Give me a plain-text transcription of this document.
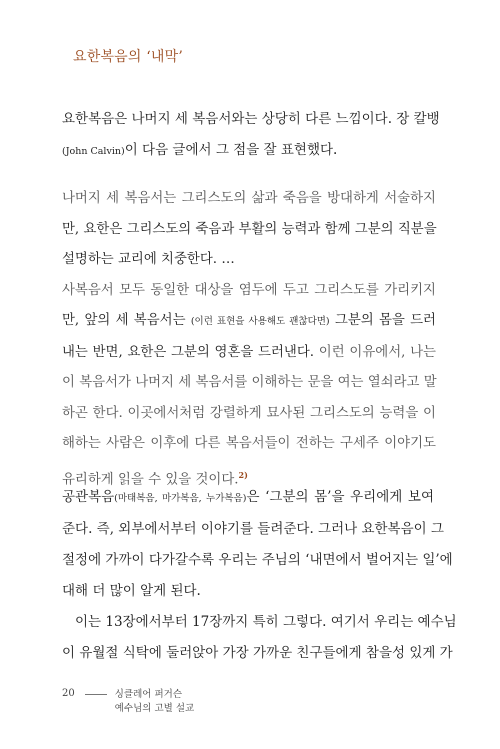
요한복음의 ‘내막’
요한복음은 나머지 세 복음서와는 상당히 다른 느낌이다. 장 칼뱅
(John Calvin)이 다음 글에서 그 점을 잘 표현했다.
나머지 세 복음서는 그리스도의 삶과 죽음을 방대하게 서술하지
만, 요한은 그리스도의 죽음과 부활의 능력과 함께 그분의 직분을
설명하는 교리에 치중한다. …
사복음서 모두 동일한 대상을 염두에 두고 그리스도를 가리키지
만, 앞의 세 복음서는 (이런 표현을 사용해도 괜찮다면) 그분의 몸을 드러
내는 반면, 요한은 그분의 영혼을 드러낸다. 이런 이유에서, 나는
이 복음서가 나머지 세 복음서를 이해하는 문을 여는 열쇠라고 말
하곤 한다. 이곳에서처럼 강렬하게 묘사된 그리스도의 능력을 이
해하는 사람은 이후에 다른 복음서들이 전하는 구세주 이야기도
유리하게 읽을 수 있을 것이다.$^{2)}$
공관복음(마태복음, 마가복음, 누가복음)은 ‘그분의 몸’을 우리에게 보여
준다. 즉, 외부에서부터 이야기를 들려준다. 그러나 요한복음이 그
절정에 가까이 다가갈수록 우리는 주님의 ‘내면에서 벌어지는 일’에
대해 더 많이 알게 된다.
이는 13장에서부터 17장까지 특히 그렇다. 여기서 우리는 예수님
이 유월절 식탁에 둘러앉아 가장 가까운 친구들에게 참을성 있게 가
20	싱클레어 퍼거슨
예수님의 고별 설교
